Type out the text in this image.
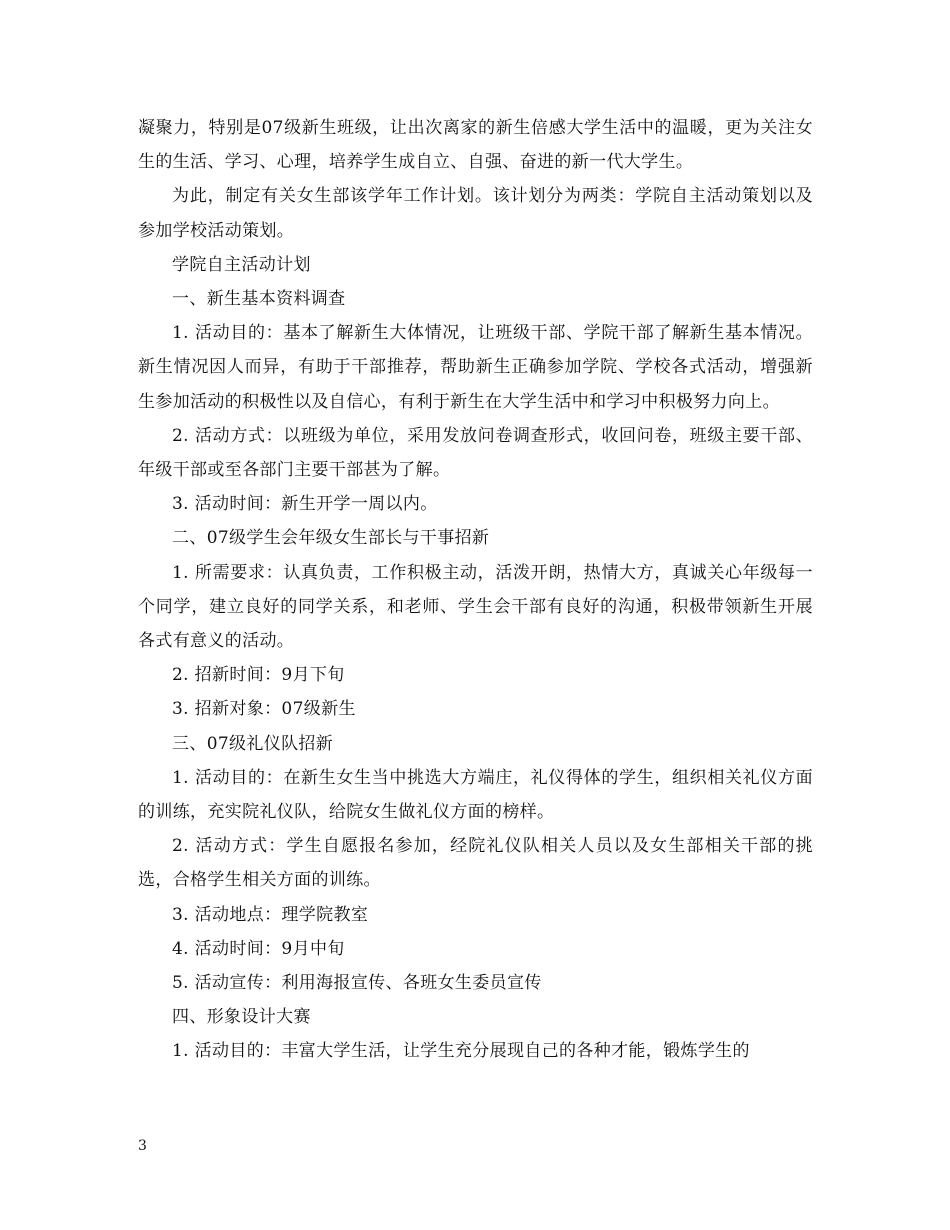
凝聚力，特别是07级新生班级，让出次离家的新生倍感大学生活中的温暖，更为关注女生的生活、学习、心理，培养学生成自立、自强、奋进的新一代大学生。

为此，制定有关女生部该学年工作计划。该计划分为两类：学院自主活动策划以及参加学校活动策划。

学院自主活动计划

一、新生基本资料调查

1. 活动目的：基本了解新生大体情况，让班级干部、学院干部了解新生基本情况。新生情况因人而异，有助于干部推荐，帮助新生正确参加学院、学校各式活动，增强新生参加活动的积极性以及自信心，有利于新生在大学生活中和学习中积极努力向上。

2. 活动方式：以班级为单位，采用发放问卷调查形式，收回问卷，班级主要干部、年级干部或至各部门主要干部甚为了解。

3. 活动时间：新生开学一周以内。

二、07级学生会年级女生部长与干事招新

1. 所需要求：认真负责，工作积极主动，活泼开朗，热情大方，真诚关心年级每一个同学，建立良好的同学关系，和老师、学生会干部有良好的沟通，积极带领新生开展各式有意义的活动。

2. 招新时间：9月下旬

3. 招新对象：07级新生

三、07级礼仪队招新

1. 活动目的：在新生女生当中挑选大方端庄，礼仪得体的学生，组织相关礼仪方面的训练，充实院礼仪队，给院女生做礼仪方面的榜样。

2. 活动方式：学生自愿报名参加，经院礼仪队相关人员以及女生部相关干部的挑选，合格学生相关方面的训练。

3. 活动地点：理学院教室

4. 活动时间：9月中旬

5. 活动宣传：利用海报宣传、各班女生委员宣传

四、形象设计大赛

1. 活动目的：丰富大学生活，让学生充分展现自己的各种才能，锻炼学生的

3
